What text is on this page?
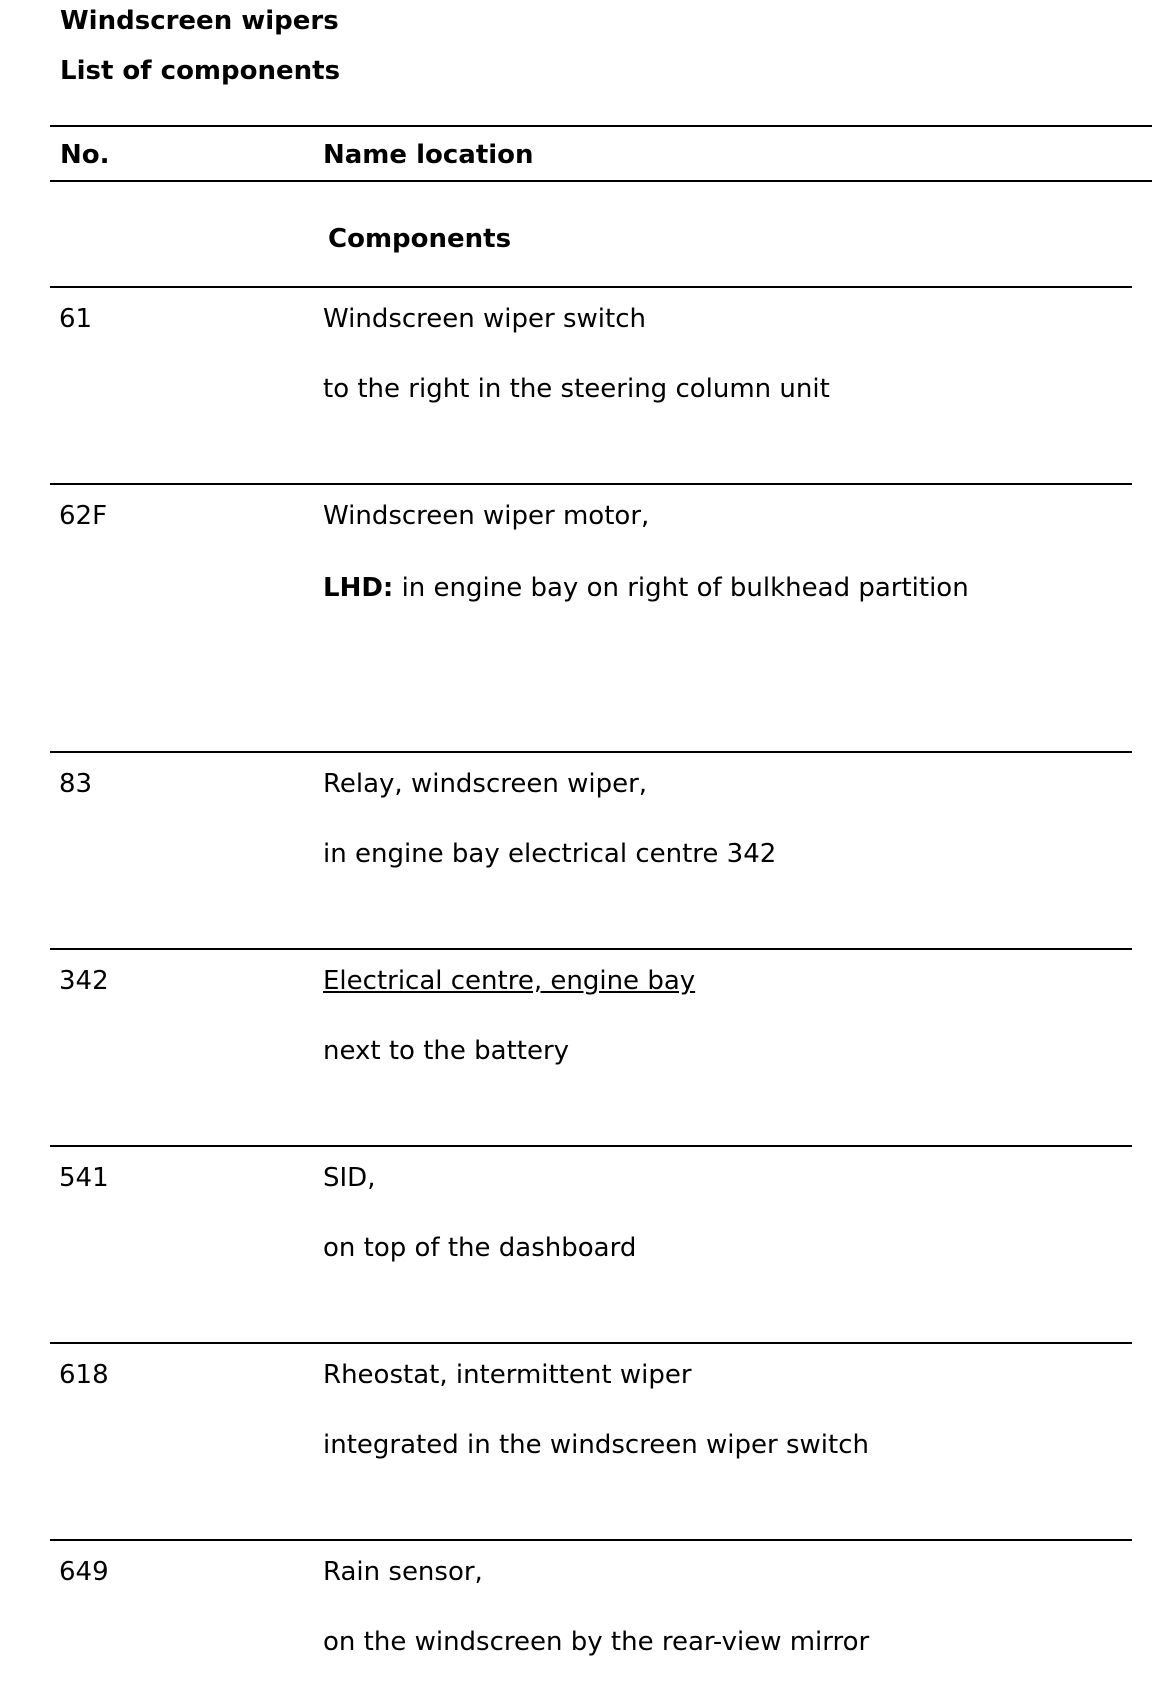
Windscreen wipers
List of components
No.	Name location
Components
61	Windscreen wiper switch
to the right in the steering column unit
62F	Windscreen wiper motor,
LHD: in engine bay on right of bulkhead partition
83	Relay, windscreen wiper,
in engine bay electrical centre 342
342	Electrical centre, engine bay
next to the battery
541	SID,
on top of the dashboard
618	Rheostat, intermittent wiper
integrated in the windscreen wiper switch
649	Rain sensor,
on the windscreen by the rear-view mirror
